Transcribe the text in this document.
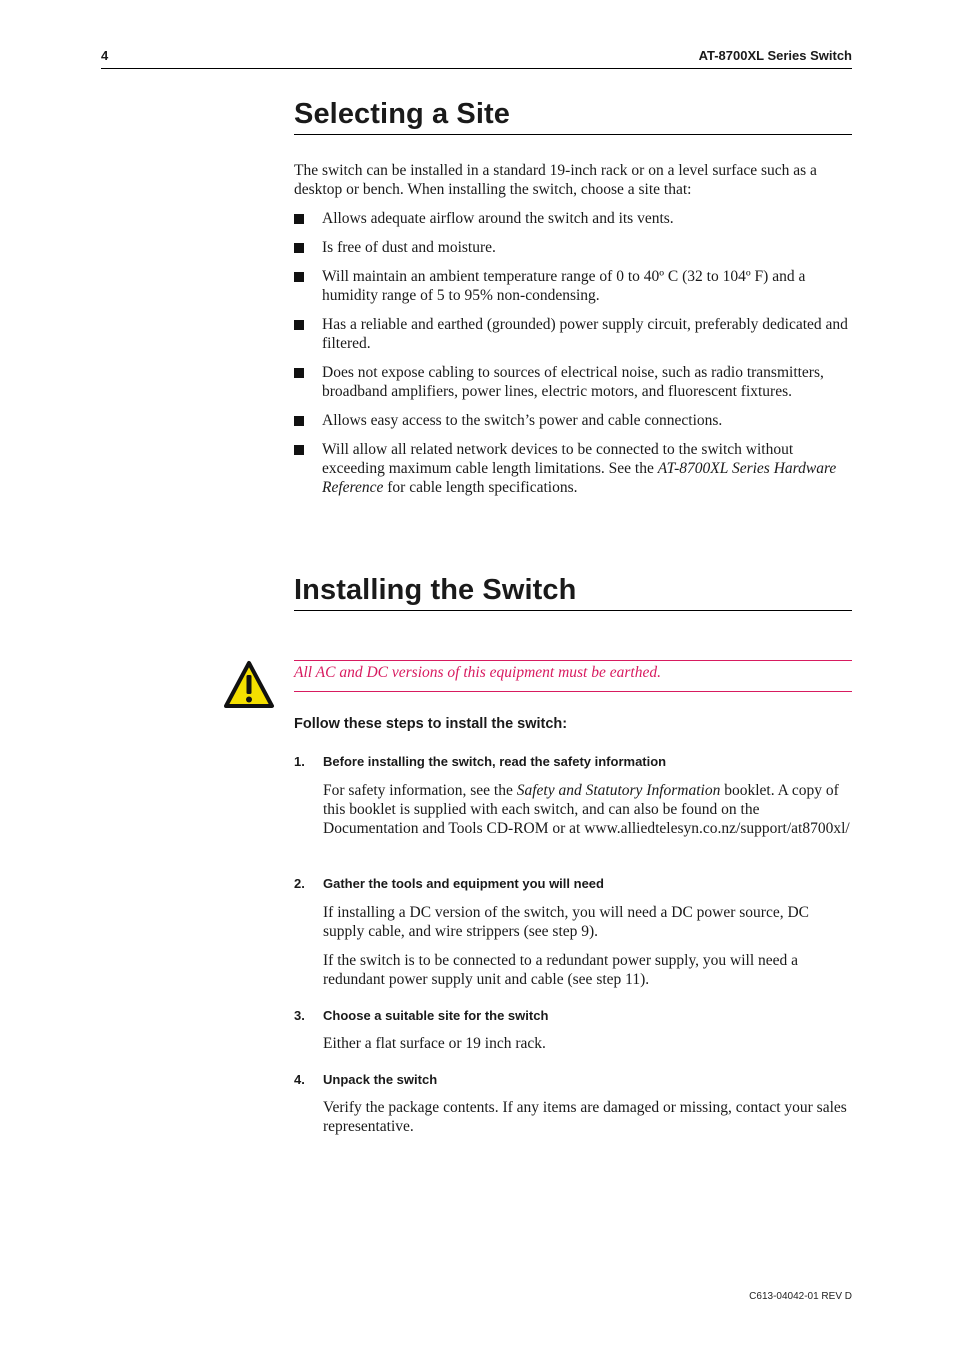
4	AT-8700XL Series Switch
Selecting a Site

The switch can be installed in a standard 19-inch rack or on a level surface such as a desktop or bench. When installing the switch, choose a site that:

Allows adequate airflow around the switch and its vents.
Is free of dust and moisture.
Will maintain an ambient temperature range of 0 to 40º C (32 to 104º F) and a humidity range of 5 to 95% non-condensing.
Has a reliable and earthed (grounded) power supply circuit, preferably dedicated and filtered.
Does not expose cabling to sources of electrical noise, such as radio transmitters, broadband amplifiers, power lines, electric motors, and fluorescent fixtures.
Allows easy access to the switch’s power and cable connections.
Will allow all related network devices to be connected to the switch without exceeding maximum cable length limitations. See the AT-8700XL Series Hardware Reference for cable length specifications.
Installing the Switch
All AC and DC versions of this equipment must be earthed.
Follow these steps to install the switch:
1. Before installing the switch, read the safety information

For safety information, see the Safety and Statutory Information booklet. A copy of this booklet is supplied with each switch, and can also be found on the Documentation and Tools CD-ROM or at www.alliedtelesyn.co.nz/support/at8700xl/

2. Gather the tools and equipment you will need

If installing a DC version of the switch, you will need a DC power source, DC supply cable, and wire strippers (see step 9).

If the switch is to be connected to a redundant power supply, you will need a redundant power supply unit and cable (see step 11).

3. Choose a suitable site for the switch

Either a flat surface or 19 inch rack.

4. Unpack the switch

Verify the package contents. If any items are damaged or missing, contact your sales representative.

C613-04042-01 REV D
